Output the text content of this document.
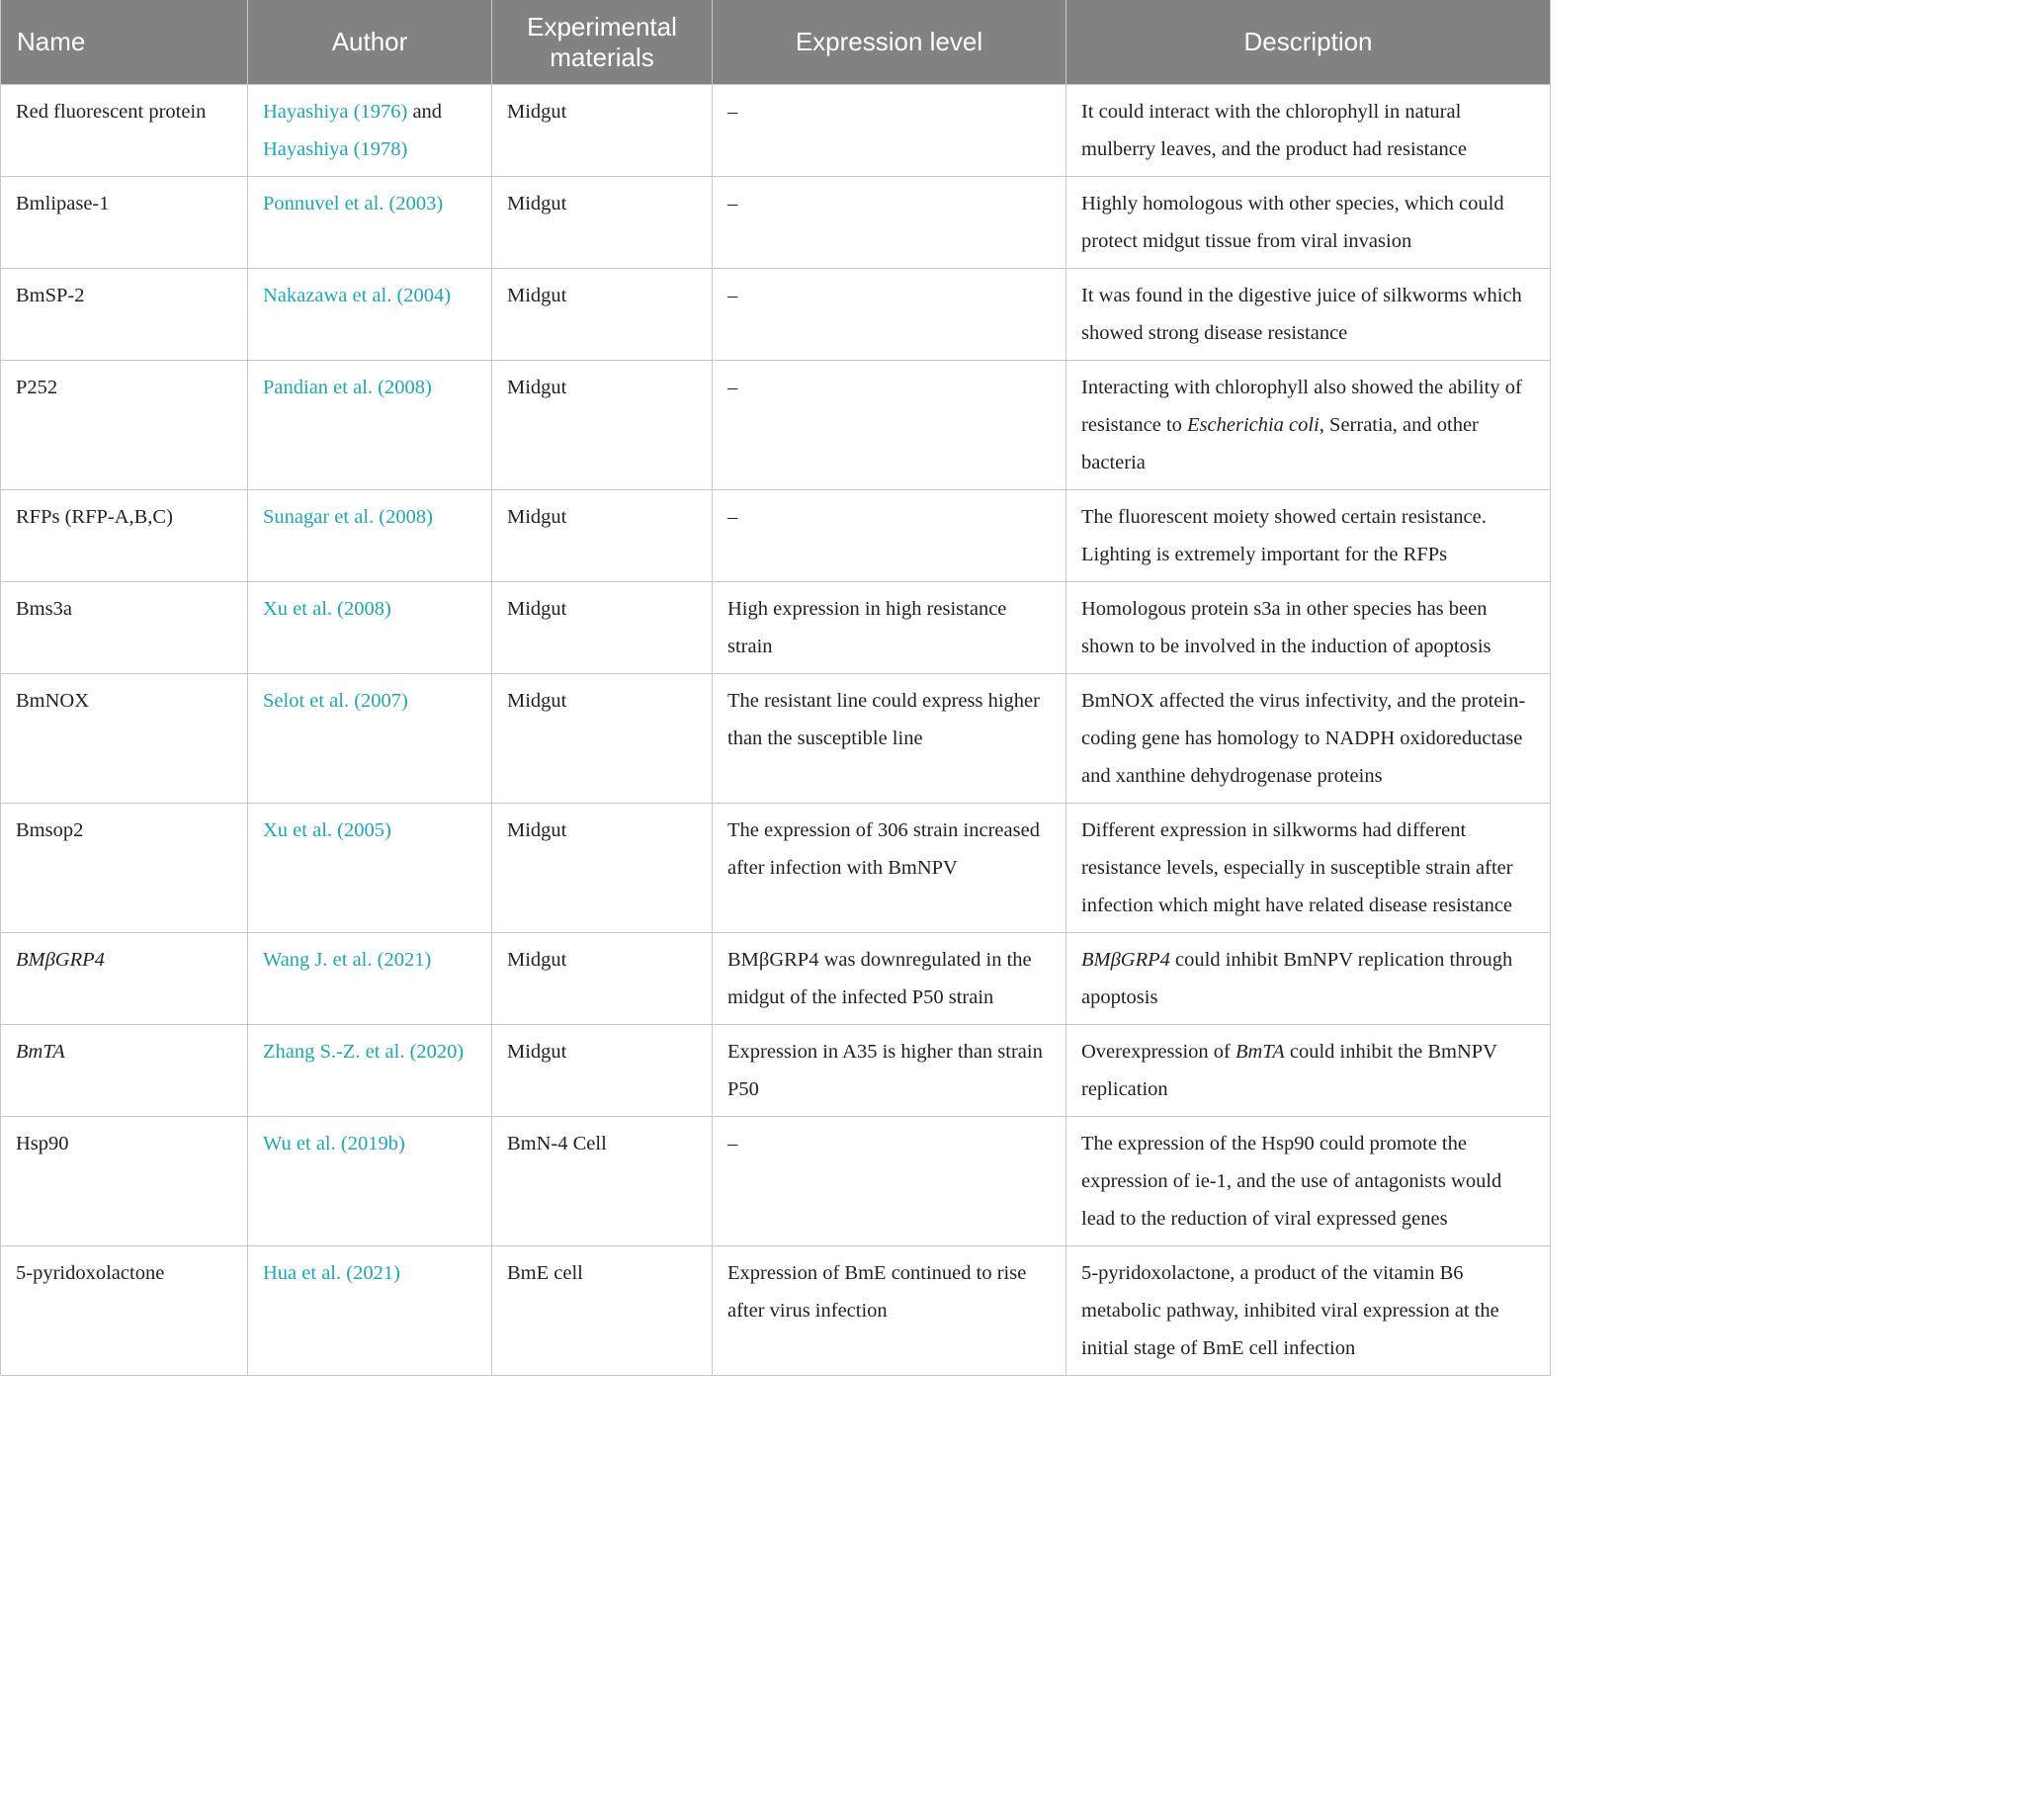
Name	Author	Experimental materials	Expression level	Description
Red fluorescent protein	Hayashiya (1976) and Hayashiya (1978)	Midgut	–	It could interact with the chlorophyll in natural mulberry leaves, and the product had resistance
Bmlipase-1	Ponnuvel et al. (2003)	Midgut	–	Highly homologous with other species, which could protect midgut tissue from viral invasion
BmSP-2	Nakazawa et al. (2004)	Midgut	–	It was found in the digestive juice of silkworms which showed strong disease resistance
P252	Pandian et al. (2008)	Midgut	–	Interacting with chlorophyll also showed the ability of resistance to Escherichia coli, Serratia, and other bacteria
RFPs (RFP-A,B,C)	Sunagar et al. (2008)	Midgut	–	The fluorescent moiety showed certain resistance. Lighting is extremely important for the RFPs
Bms3a	Xu et al. (2008)	Midgut	High expression in high resistance strain	Homologous protein s3a in other species has been shown to be involved in the induction of apoptosis
BmNOX	Selot et al. (2007)	Midgut	The resistant line could express higher than the susceptible line	BmNOX affected the virus infectivity, and the protein-coding gene has homology to NADPH oxidoreductase and xanthine dehydrogenase proteins
Bmsop2	Xu et al. (2005)	Midgut	The expression of 306 strain increased after infection with BmNPV	Different expression in silkworms had different resistance levels, especially in susceptible strain after infection which might have related disease resistance
BMβGRP4	Wang J. et al. (2021)	Midgut	BMβGRP4 was downregulated in the midgut of the infected P50 strain	BMβGRP4 could inhibit BmNPV replication through apoptosis
BmTA	Zhang S.-Z. et al. (2020)	Midgut	Expression in A35 is higher than strain P50	Overexpression of BmTA could inhibit the BmNPV replication
Hsp90	Wu et al. (2019b)	BmN-4 Cell	–	The expression of the Hsp90 could promote the expression of ie-1, and the use of antagonists would lead to the reduction of viral expressed genes
5-pyridoxolactone	Hua et al. (2021)	BmE cell	Expression of BmE continued to rise after virus infection	5-pyridoxolactone, a product of the vitamin B6 metabolic pathway, inhibited viral expression at the initial stage of BmE cell infection
